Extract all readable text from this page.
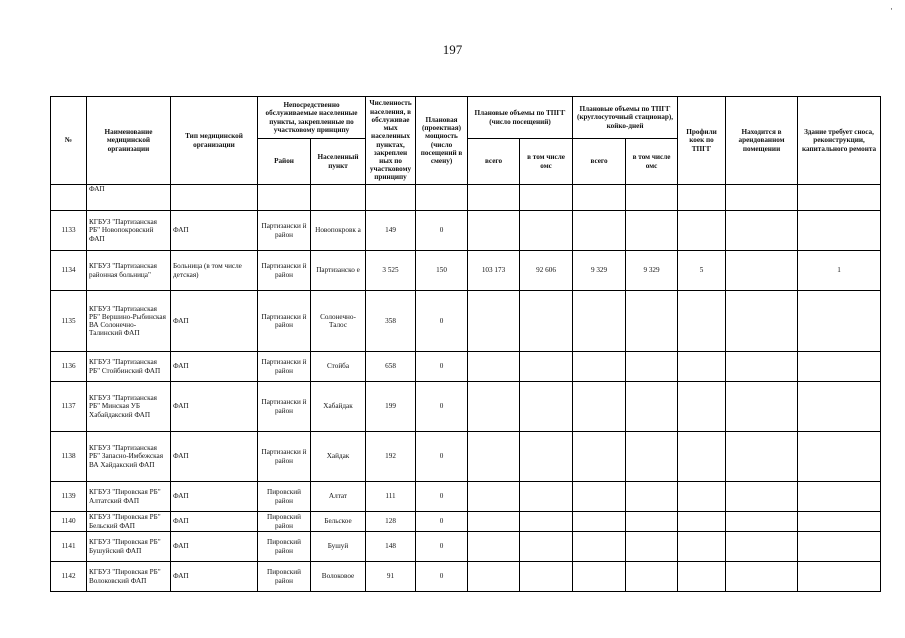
197
·
№	Наименование медицинской организации	Тип медицинской организации	Непосредственно обслуживаемые населенные пункты, закрепленные по участковому принципу		Численность населения, в обслуживае мых населенных пунктах, закреплен ных по участковому принципу	Плановая (проектная) мощность (число посещений в смену)	Плановые объемы по ТПГГ (число посещений)		Плановые объемы по ТПГГ (круглосуточный стационар), койко-дней		Профили коек по ТПГГ	Находится в арендованном помещении	Здание требует сноса, реконструкции, капитального ремонта
			Район	Населенный пункт			всего	в том числе омс	всего	в том числе омс			
	ФАП												
1133	КГБУЗ "Партизанская РБ" Новопокровский ФАП	ФАП	Партизански й район	Новопокровк а	149	0							
1134	КГБУЗ "Партизанская районная больница"	Больница (в том числе детская)	Партизански й район	Партизанско е	3 525	150	103 173	92 606	9 329	9 329	5		1
1135	КГБУЗ "Партизанская РБ" Вершино-Рыбинская ВА Солонечно-Талинский ФАП	ФАП	Партизански й район	Солонечно-Талос	358	0							
1136	КГБУЗ "Партизанская РБ" Стойбинский ФАП	ФАП	Партизански й район	Стойба	658	0							
1137	КГБУЗ "Партизанская РБ" Минская УБ Хабайдакский ФАП	ФАП	Партизански й район	Хабайдак	199	0							
1138	КГБУЗ "Партизанская РБ" Запасно-Имбежская ВА Хайдакский ФАП	ФАП	Партизански й район	Хайдак	192	0							
1139	КГБУЗ "Пировская РБ" Алтатский ФАП	ФАП	Пировский район	Алтат	111	0							
1140	КГБУЗ "Пировская РБ" Бельский ФАП	ФАП	Пировский район	Бельское	128	0							
1141	КГБУЗ "Пировская РБ" Бушуйский ФАП	ФАП	Пировский район	Бушуй	148	0							
1142	КГБУЗ "Пировская РБ" Волоковский ФАП	ФАП	Пировский район	Волоковое	91	0							
